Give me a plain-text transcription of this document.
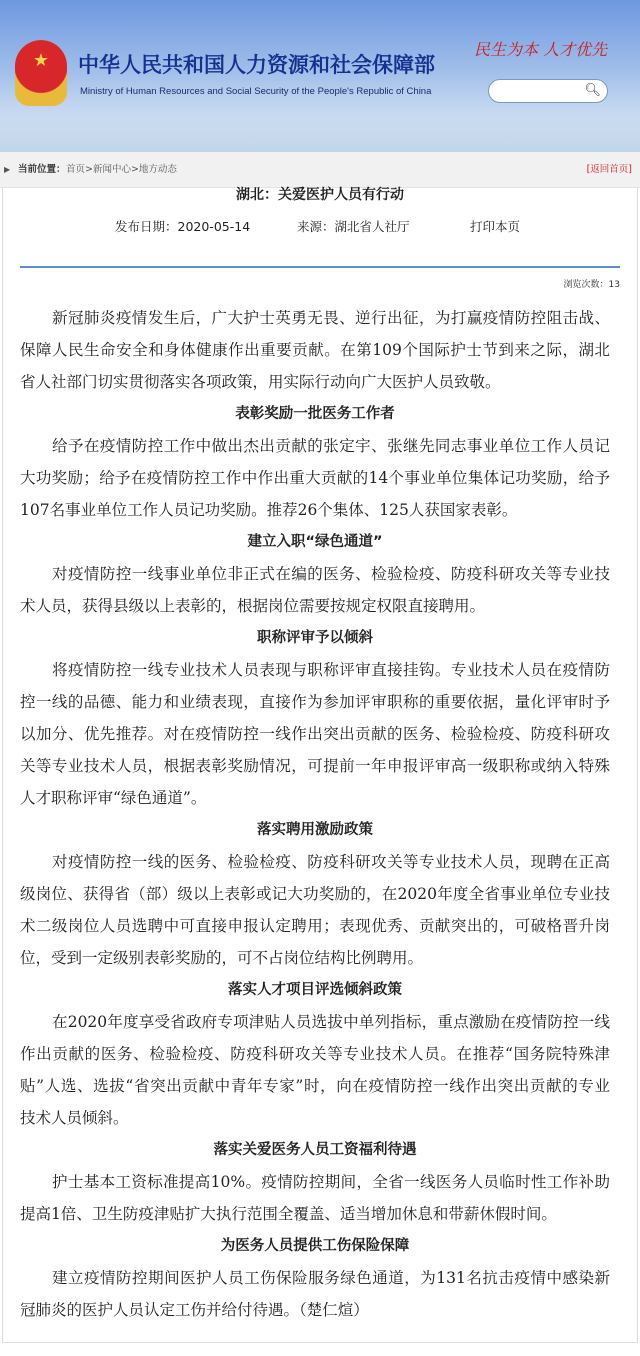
★	中华人民共和国人力资源和社会保障部
Ministry of Human Resources and Social Security of the People's Republic of China
民生为本 人才优先
🔍︎
▶ 当前位置： 首页>新闻中心>地方动态	[返回首页]
湖北：关爱医护人员有行动
发布日期：2020-05-14	来源：湖北省人社厅	打印本页
浏览次数：13
新冠肺炎疫情发生后，广大护士英勇无畏、逆行出征，为打赢疫情防控阻击战、
保障人民生命安全和身体健康作出重要贡献。在第109个国际护士节到来之际，湖北
省人社部门切实贯彻落实各项政策，用实际行动向广大医护人员致敬。
表彰奖励一批医务工作者
给予在疫情防控工作中做出杰出贡献的张定宇、张继先同志事业单位工作人员记
大功奖励；给予在疫情防控工作中作出重大贡献的14个事业单位集体记功奖励，给予
107名事业单位工作人员记功奖励。推荐26个集体、125人获国家表彰。
建立入职“绿色通道”
对疫情防控一线事业单位非正式在编的医务、检验检疫、防疫科研攻关等专业技
术人员，获得县级以上表彰的，根据岗位需要按规定权限直接聘用。
职称评审予以倾斜
将疫情防控一线专业技术人员表现与职称评审直接挂钩。专业技术人员在疫情防
控一线的品德、能力和业绩表现，直接作为参加评审职称的重要依据，量化评审时予
以加分、优先推荐。对在疫情防控一线作出突出贡献的医务、检验检疫、防疫科研攻
关等专业技术人员，根据表彰奖励情况，可提前一年申报评审高一级职称或纳入特殊
人才职称评审“绿色通道”。
落实聘用激励政策
对疫情防控一线的医务、检验检疫、防疫科研攻关等专业技术人员，现聘在正高
级岗位、获得省（部）级以上表彰或记大功奖励的，在2020年度全省事业单位专业技
术二级岗位人员选聘中可直接申报认定聘用；表现优秀、贡献突出的，可破格晋升岗
位，受到一定级别表彰奖励的，可不占岗位结构比例聘用。
落实人才项目评选倾斜政策
在2020年度享受省政府专项津贴人员选拔中单列指标，重点激励在疫情防控一线
作出贡献的医务、检验检疫、防疫科研攻关等专业技术人员。在推荐“国务院特殊津
贴”人选、选拔“省突出贡献中青年专家”时，向在疫情防控一线作出突出贡献的专业
技术人员倾斜。
落实关爱医务人员工资福利待遇
护士基本工资标准提高10%。疫情防控期间，全省一线医务人员临时性工作补助
提高1倍、卫生防疫津贴扩大执行范围全覆盖、适当增加休息和带薪休假时间。
为医务人员提供工伤保险保障
建立疫情防控期间医护人员工伤保险服务绿色通道，为131名抗击疫情中感染新
冠肺炎的医护人员认定工伤并给付待遇。（楚仁煊）
